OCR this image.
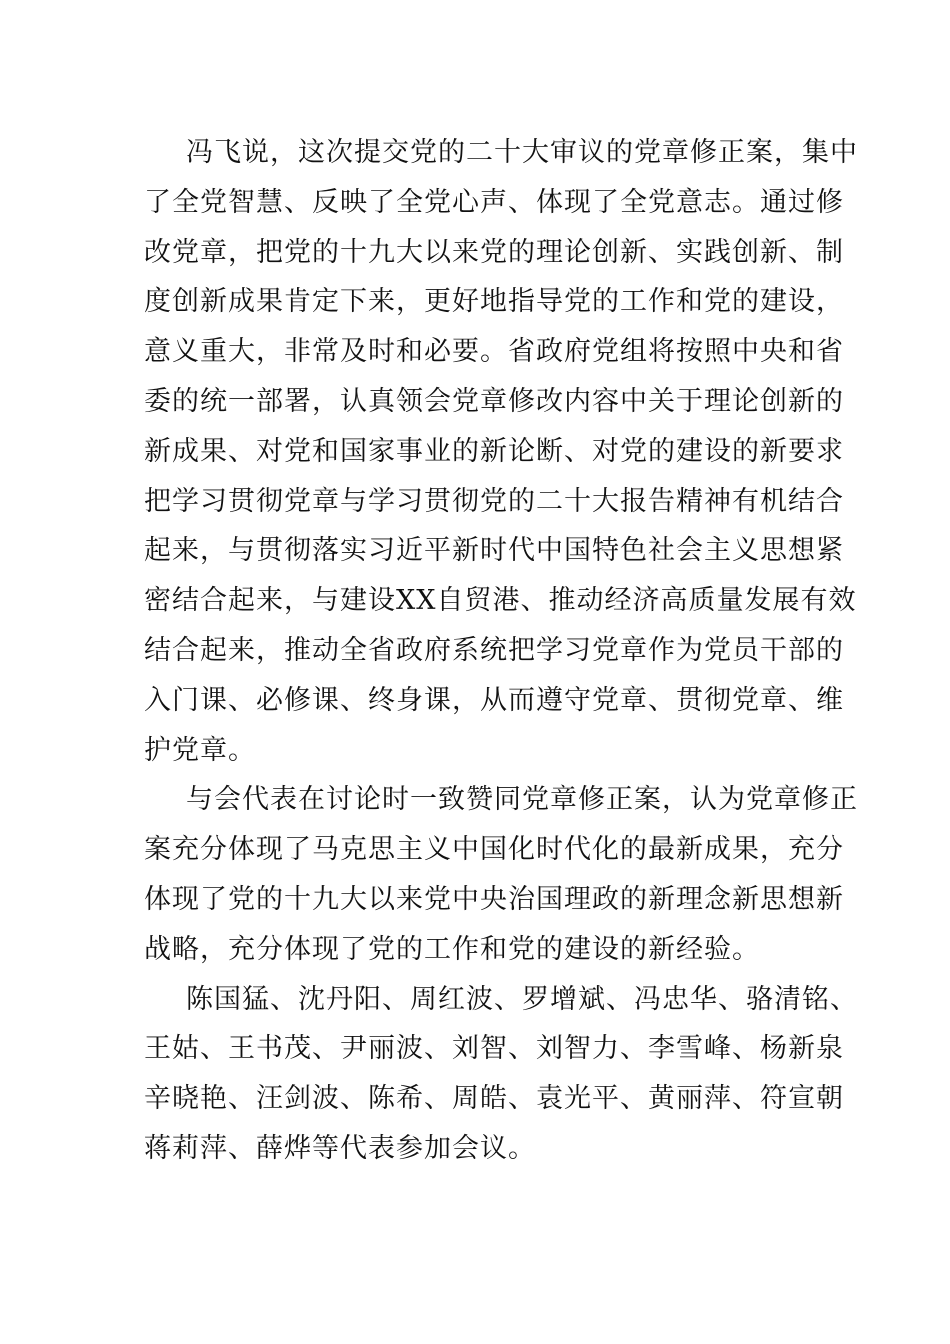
冯飞说，这次提交党的二十大审议的党章修正案，集中
了全党智慧、反映了全党心声、体现了全党意志。通过修
改党章，把党的十九大以来党的理论创新、实践创新、制
度创新成果肯定下来，更好地指导党的工作和党的建设，
意义重大，非常及时和必要。省政府党组将按照中央和省
委的统一部署，认真领会党章修改内容中关于理论创新的
新成果、对党和国家事业的新论断、对党的建设的新要求
把学习贯彻党章与学习贯彻党的二十大报告精神有机结合
起来，与贯彻落实习近平新时代中国特色社会主义思想紧
密结合起来，与建设XX自贸港、推动经济高质量发展有效
结合起来，推动全省政府系统把学习党章作为党员干部的
入门课、必修课、终身课，从而遵守党章、贯彻党章、维
护党章。
与会代表在讨论时一致赞同党章修正案，认为党章修正
案充分体现了马克思主义中国化时代化的最新成果，充分
体现了党的十九大以来党中央治国理政的新理念新思想新
战略，充分体现了党的工作和党的建设的新经验。
陈国猛、沈丹阳、周红波、罗增斌、冯忠华、骆清铭、
王姑、王书茂、尹丽波、刘智、刘智力、李雪峰、杨新泉
辛晓艳、汪剑波、陈希、周皓、袁光平、黄丽萍、符宣朝
蒋莉萍、薛烨等代表参加会议。
